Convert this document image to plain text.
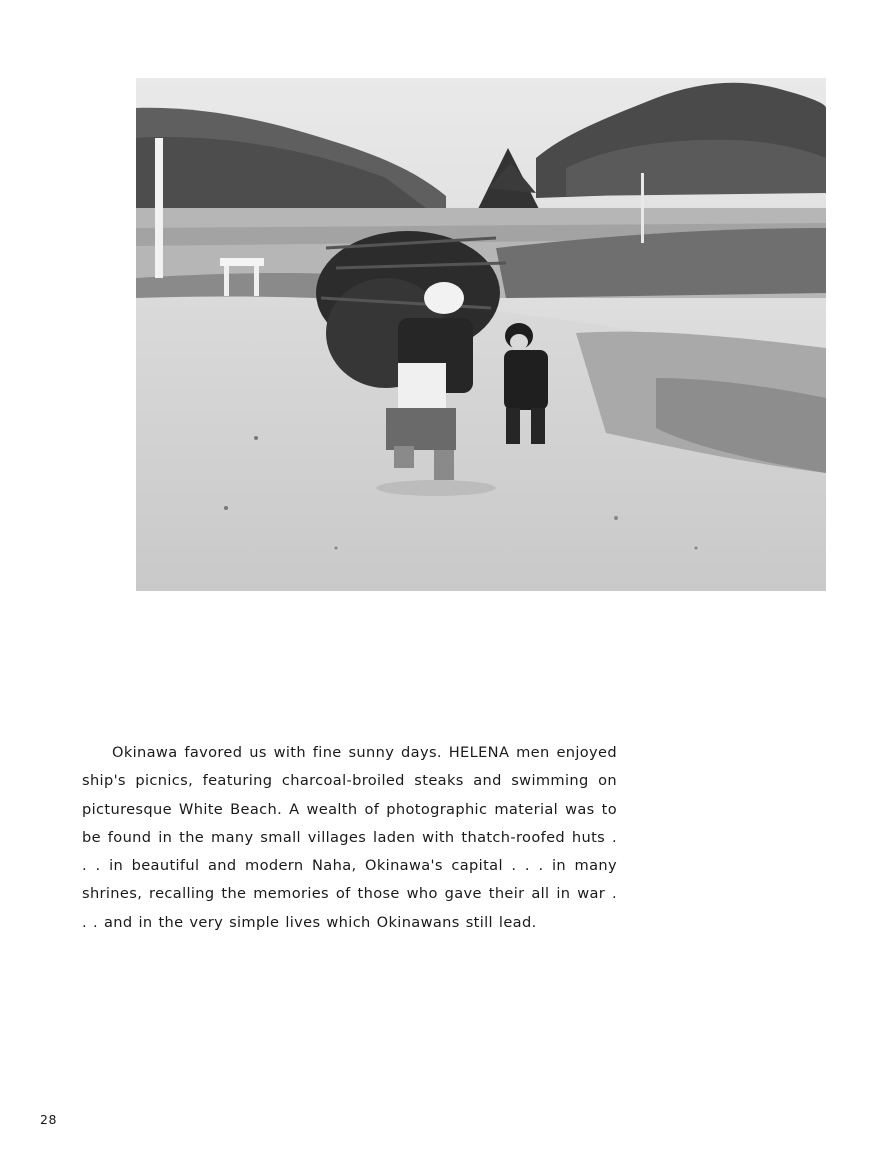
Okinawa favored us with fine sunny days. HELENA men enjoyed ship's picnics, featuring charcoal-broiled steaks and swimming on picturesque White Beach. A wealth of photographic material was to be found in the many small villages laden with thatch-roofed huts . . . in beautiful and modern Naha, Okinawa's capital . . . in many shrines, recalling the memories of those who gave their all in war . . . and in the very simple lives which Okinawans still lead.

28
